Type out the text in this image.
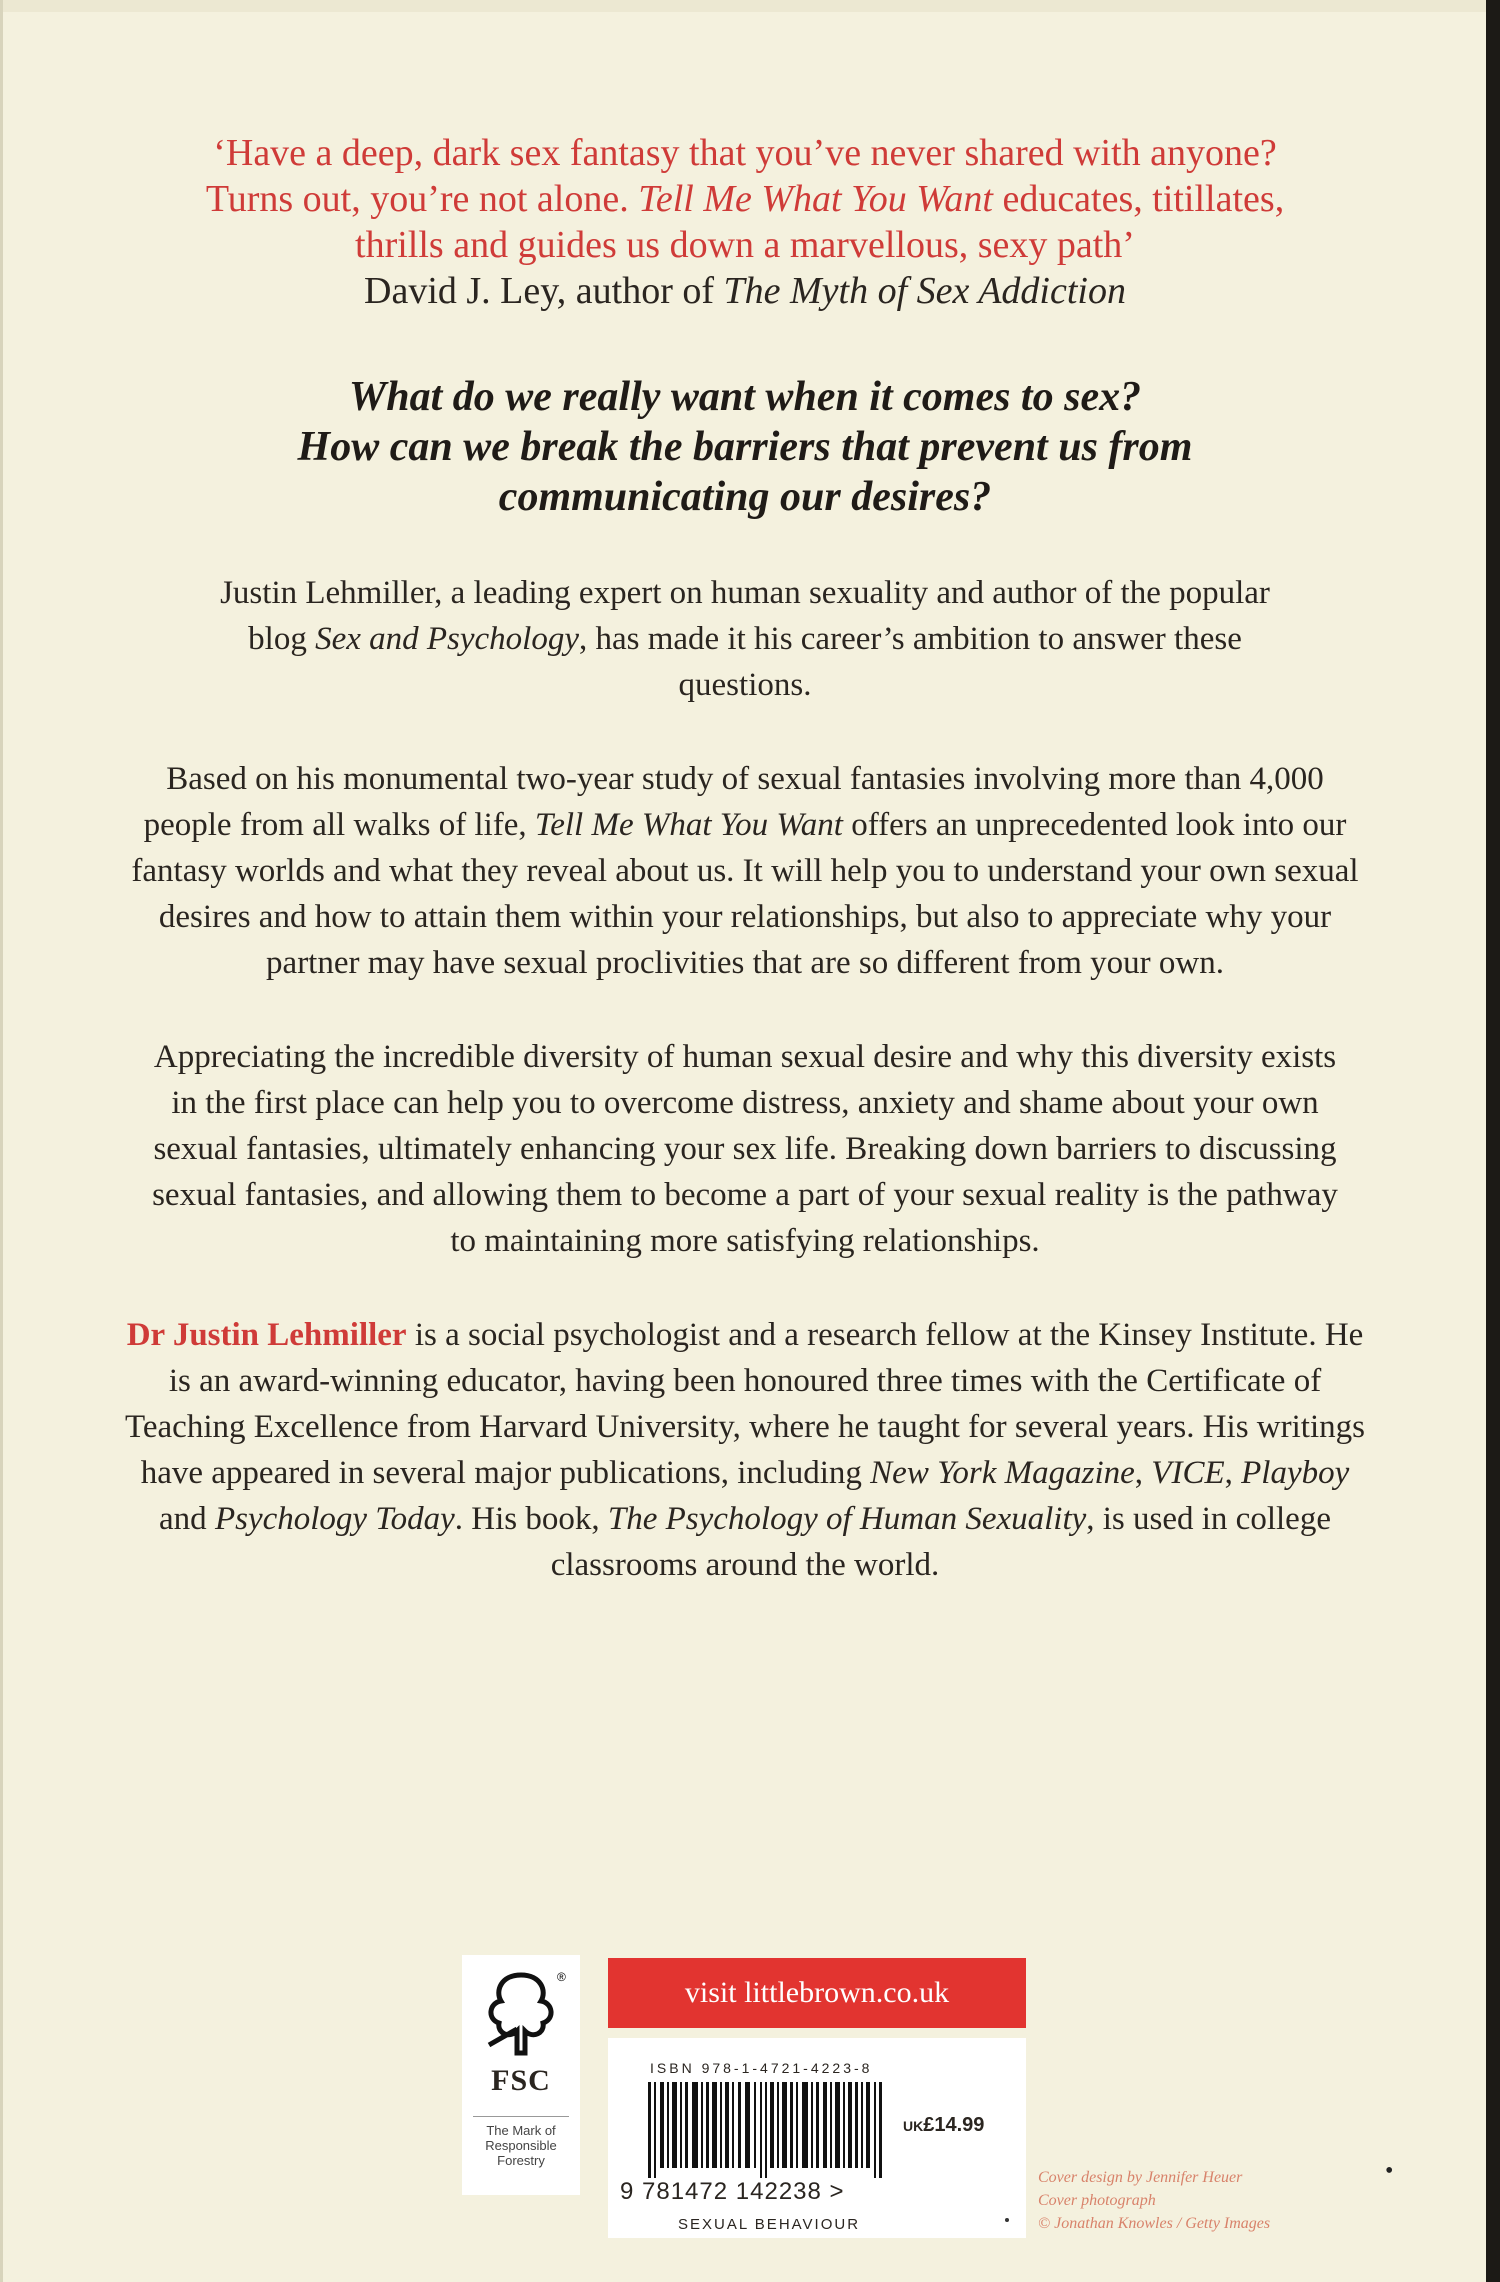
‘Have a deep, dark sex fantasy that you’ve never shared with anyone? Turns out, you’re not alone. Tell Me What You Want educates, titillates, thrills and guides us down a marvellous, sexy path’
David J. Ley, author of The Myth of Sex Addiction
What do we really want when it comes to sex?
How can we break the barriers that prevent us from
communicating our desires?
Justin Lehmiller, a leading expert on human sexuality and author of the popular blog Sex and Psychology, has made it his career’s ambition to answer these questions.
Based on his monumental two-year study of sexual fantasies involving more than 4,000 people from all walks of life, Tell Me What You Want offers an unprecedented look into our fantasy worlds and what they reveal about us. It will help you to understand your own sexual desires and how to attain them within your relationships, but also to appreciate why your partner may have sexual proclivities that are so different from your own.
Appreciating the incredible diversity of human sexual desire and why this diversity exists in the first place can help you to overcome distress, anxiety and shame about your own sexual fantasies, ultimately enhancing your sex life. Breaking down barriers to discussing sexual fantasies, and allowing them to become a part of your sexual reality is the pathway to maintaining more satisfying relationships.
Dr Justin Lehmiller is a social psychologist and a research fellow at the Kinsey Institute. He is an award-winning educator, having been honoured three times with the Certificate of Teaching Excellence from Harvard University, where he taught for several years. His writings have appeared in several major publications, including New York Magazine, VICE, Playboy and Psychology Today. His book, The Psychology of Human Sexuality, is used in college classrooms around the world.
®
FSC
The Mark of Responsible Forestry
visit littlebrown.co.uk
ISBN 978-1-4721-4223-8
UK£14.99
9 781472 142238 >
SEXUAL BEHAVIOUR
Cover design by Jennifer Heuer
Cover photograph
© Jonathan Knowles / Getty Images
•
